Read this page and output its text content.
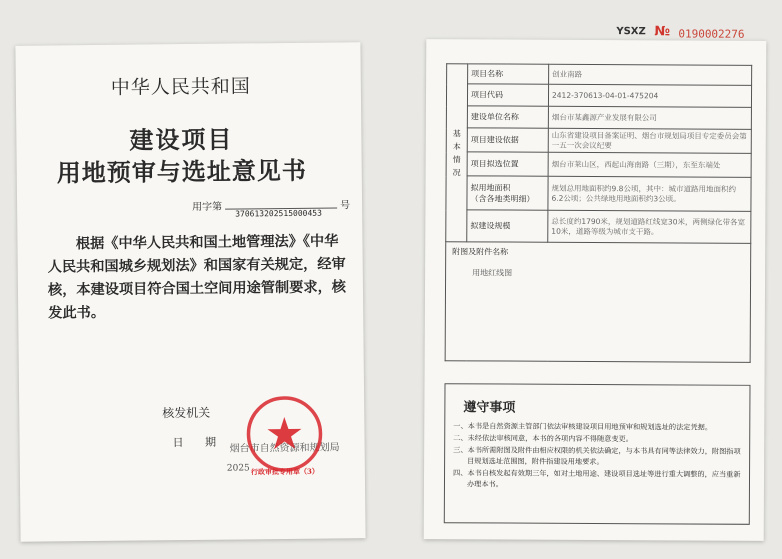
中华人民共和国
建设项目
用地预审与选址意见书
用字第	号
370613202515000453
根据《中华人民共和国土地管理法》《中华人民共和国城乡规划法》和国家有关规定，经审核，本建设项目符合国土空间用途管制要求，核发此书。
核发机关
日 期 烟台市自然资源和规划局
2025 行政审批专用章（3）
YSXZ № 0190002276
基本情况	项目名称	创业南路
	项目代码	2412-370613-04-01-475204
	建设单位名称	烟台市某鑫源产业发展有限公司
	项目建设依据	山东省建设项目备案证明、烟台市规划局项目专定委员会第一五一次会议纪要
	项目拟选位置	烟台市莱山区，西起山海南路（三期），东至东端处
	拟用地面积
（含各地类明细）	规划总用地面积约9.8公顷，其中：城市道路用地面积约6.2公顷；公共绿地用地面积约3公顷。
	拟建设规模	总长度约1790米，规划道路红线宽30米，两侧绿化带各宽10米，道路等级为城市支干路。

附图及附件名称
用地红线图		
遵守事项
一、本书是自然资源主管部门依法审核建设项目用地预审和规划选址的法定凭据。
二、未经依法审核同意，本书的各项内容不得随意变更。
三、本书所需附图及附件由相应权限的机关依法确定，与本书具有同等法律效力，附图指项目规划选址范围图，附件指建设用地要求。
四、本书自核发起有效期三年，如对土地用途、建设项目选址等进行重大调整的，应当重新办理本书。
